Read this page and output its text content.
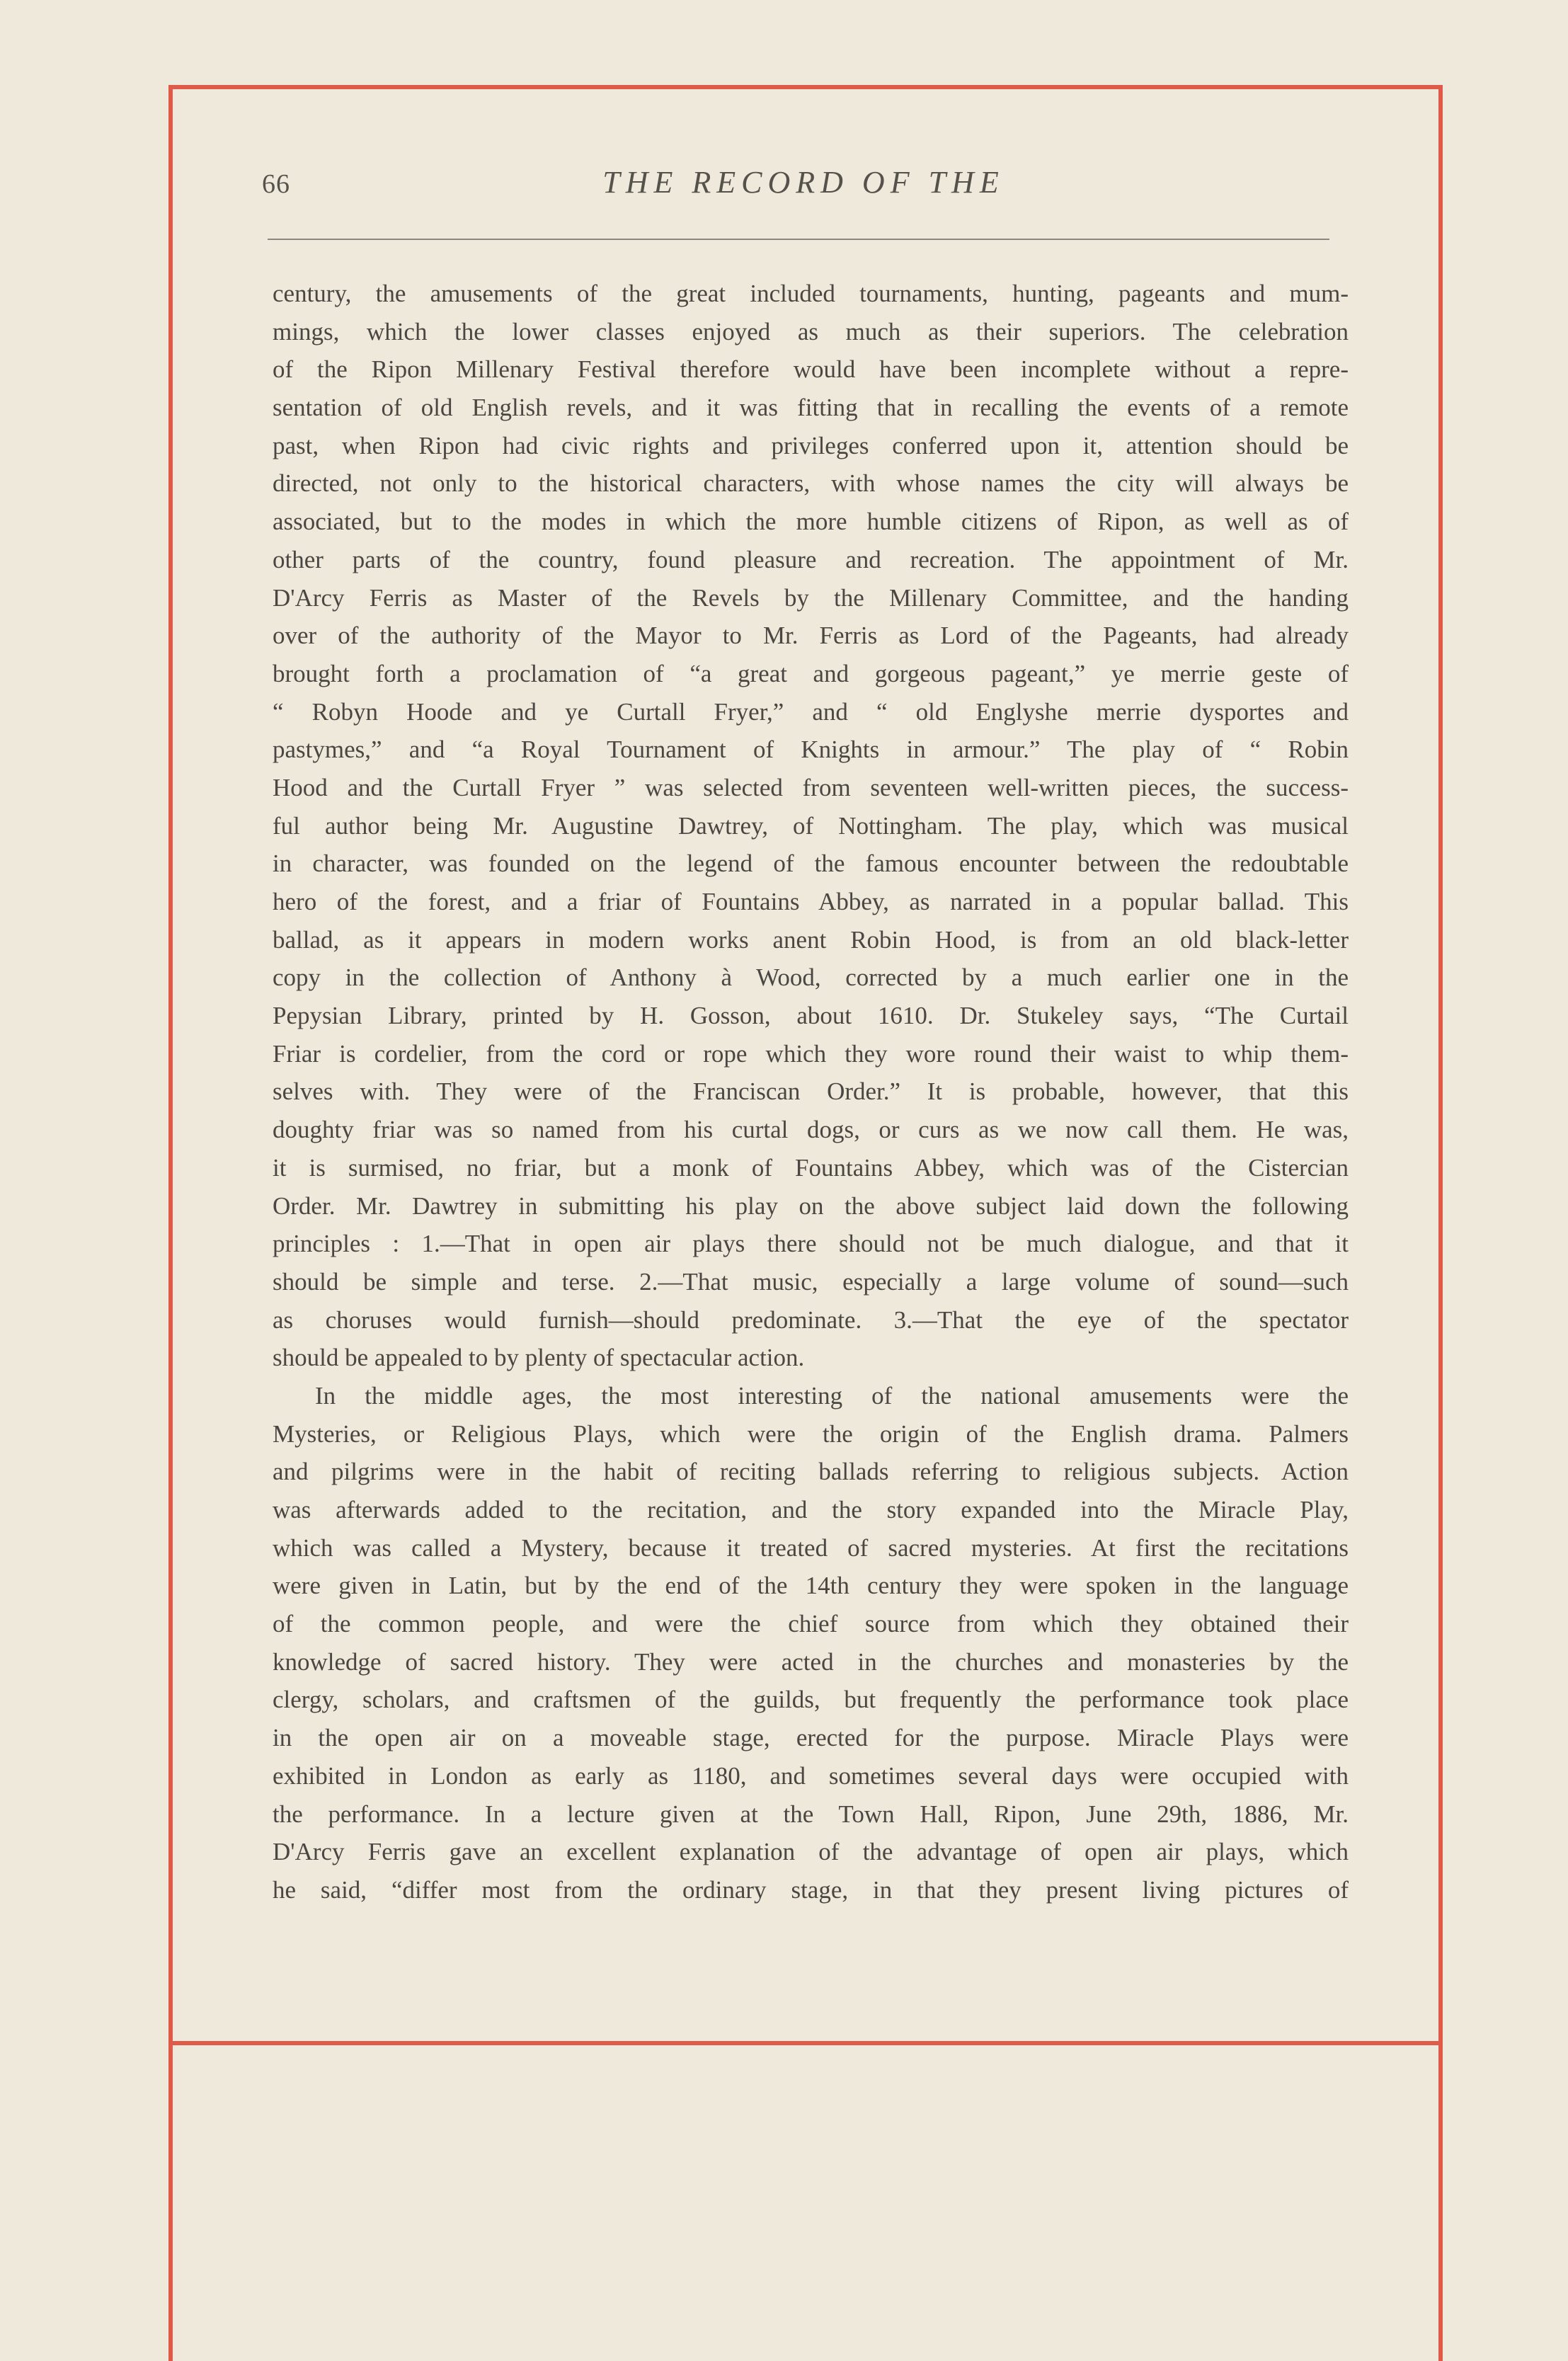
66	THE RECORD OF THE
century, the amusements of the great included tournaments, hunting, pageants and mum-
mings, which the lower classes enjoyed as much as their superiors. The celebration
of the Ripon Millenary Festival therefore would have been incomplete without a repre-
sentation of old English revels, and it was fitting that in recalling the events of a remote
past, when Ripon had civic rights and privileges conferred upon it, attention should be
directed, not only to the historical characters, with whose names the city will always be
associated, but to the modes in which the more humble citizens of Ripon, as well as of
other parts of the country, found pleasure and recreation. The appointment of Mr.
D'Arcy Ferris as Master of the Revels by the Millenary Committee, and the handing
over of the authority of the Mayor to Mr. Ferris as Lord of the Pageants, had already
brought forth a proclamation of “a great and gorgeous pageant,” ye merrie geste of
“ Robyn Hoode and ye Curtall Fryer,” and “ old Englyshe merrie dysportes and
pastymes,” and “a Royal Tournament of Knights in armour.” The play of “ Robin
Hood and the Curtall Fryer ” was selected from seventeen well-written pieces, the success-
ful author being Mr. Augustine Dawtrey, of Nottingham. The play, which was musical
in character, was founded on the legend of the famous encounter between the redoubtable
hero of the forest, and a friar of Fountains Abbey, as narrated in a popular ballad. This
ballad, as it appears in modern works anent Robin Hood, is from an old black-letter
copy in the collection of Anthony à Wood, corrected by a much earlier one in the
Pepysian Library, printed by H. Gosson, about 1610. Dr. Stukeley says, “The Curtail
Friar is cordelier, from the cord or rope which they wore round their waist to whip them-
selves with. They were of the Franciscan Order.” It is probable, however, that this
doughty friar was so named from his curtal dogs, or curs as we now call them. He was,
it is surmised, no friar, but a monk of Fountains Abbey, which was of the Cistercian
Order. Mr. Dawtrey in submitting his play on the above subject laid down the following
principles : 1.—That in open air plays there should not be much dialogue, and that it
should be simple and terse. 2.—That music, especially a large volume of sound—such
as choruses would furnish—should predominate. 3.—That the eye of the spectator
should be appealed to by plenty of spectacular action.
In the middle ages, the most interesting of the national amusements were the
Mysteries, or Religious Plays, which were the origin of the English drama. Palmers
and pilgrims were in the habit of reciting ballads referring to religious subjects. Action
was afterwards added to the recitation, and the story expanded into the Miracle Play,
which was called a Mystery, because it treated of sacred mysteries. At first the recitations
were given in Latin, but by the end of the 14th century they were spoken in the language
of the common people, and were the chief source from which they obtained their
knowledge of sacred history. They were acted in the churches and monasteries by the
clergy, scholars, and craftsmen of the guilds, but frequently the performance took place
in the open air on a moveable stage, erected for the purpose. Miracle Plays were
exhibited in London as early as 1180, and sometimes several days were occupied with
the performance. In a lecture given at the Town Hall, Ripon, June 29th, 1886, Mr.
D'Arcy Ferris gave an excellent explanation of the advantage of open air plays, which
he said, “differ most from the ordinary stage, in that they present living pictures of
